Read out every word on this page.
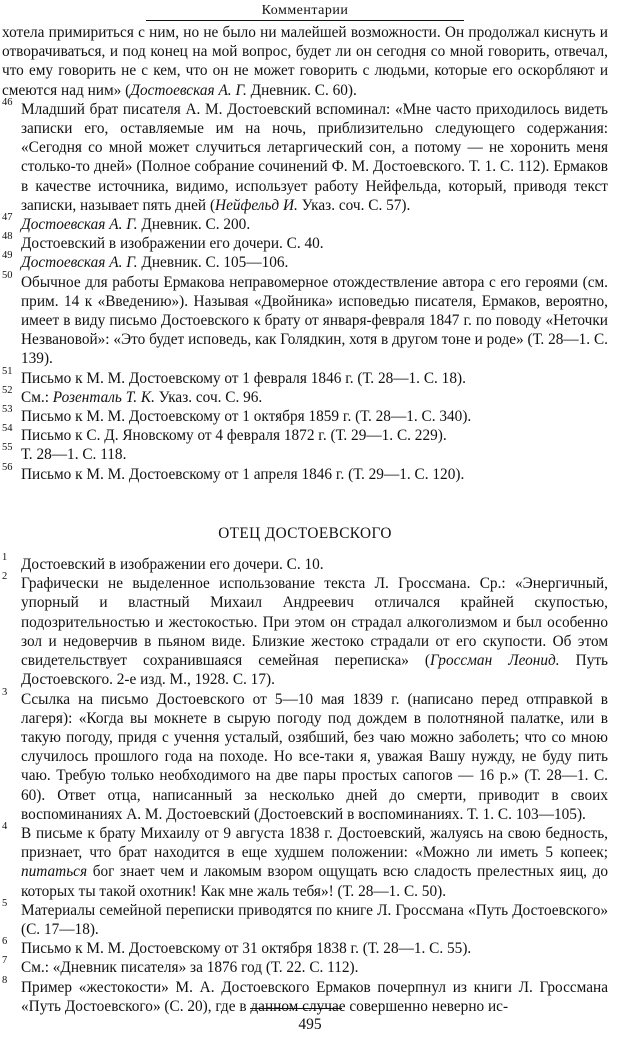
Комментарии
хотела примириться с ним, но не было ни малейшей возможности. Он продолжал киснуть и отворачиваться, и под конец на мой вопрос, будет ли он сегодня со мной говорить, отвечал, что ему говорить не с кем, что он не может говорить с людьми, которые его оскорбляют и смеются над ним» (Достоевская А. Г. Дневник. С. 60).
46 Младший брат писателя А. М. Достоевский вспоминал: «Мне часто приходилось видеть записки его, оставляемые им на ночь, приблизительно следующего содержания: «Сегодня со мной может случиться летаргический сон, а потому — не хоронить меня столько-то дней» (Полное собрание сочинений Ф. М. Достоевского. Т. 1. С. 112). Ермаков в качестве источника, видимо, использует работу Нейфельда, который, приводя текст записки, называет пять дней (Нейфельд И. Указ. соч. С. 57).
47 Достоевская А. Г. Дневник. С. 200.
48 Достоевский в изображении его дочери. С. 40.
49 Достоевская А. Г. Дневник. С. 105—106.
50 Обычное для работы Ермакова неправомерное отождествление автора с его героями (см. прим. 14 к «Введению»). Называя «Двойника» исповедью писателя, Ермаков, вероятно, имеет в виду письмо Достоевского к брату от января-февраля 1847 г. по поводу «Неточки Незвановой»: «Это будет исповедь, как Голядкин, хотя в другом тоне и роде» (Т. 28—1. С. 139).
51 Письмо к М. М. Достоевскому от 1 февраля 1846 г. (Т. 28—1. С. 18).
52 См.: Розенталь Т. К. Указ. соч. С. 96.
53 Письмо к М. М. Достоевскому от 1 октября 1859 г. (Т. 28—1. С. 340).
54 Письмо к С. Д. Яновскому от 4 февраля 1872 г. (Т. 29—1. С. 229).
55 Т. 28—1. С. 118.
56 Письмо к М. М. Достоевскому от 1 апреля 1846 г. (Т. 29—1. С. 120).
ОТЕЦ ДОСТОЕВСКОГО
1 Достоевский в изображении его дочери. С. 10.
2 Графически не выделенное использование текста Л. Гроссмана. Ср.: «Энергичный, упорный и властный Михаил Андреевич отличался крайней скупостью, подозрительностью и жестокостью. При этом он страдал алкоголизмом и был особенно зол и недоверчив в пьяном виде. Близкие жестоко страдали от его скупости. Об этом свидетельствует сохранившаяся семейная переписка» (Гроссман Леонид. Путь Достоевского. 2-е изд. М., 1928. С. 17).
3 Ссылка на письмо Достоевского от 5—10 мая 1839 г. (написано перед отправкой в лагеря): «Когда вы мокнете в сырую погоду под дождем в полотняной палатке, или в такую погоду, придя с учення усталый, озябший, без чаю можно заболеть; что со мною случилось прошлого года на походе. Но все-таки я, уважая Вашу нужду, не буду пить чаю. Требую только необходимого на две пары простых сапогов — 16 р.» (Т. 28—1. С. 60). Ответ отца, написанный за несколько дней до смерти, приводит в своих воспоминаниях А. М. Достоевский (Достоевский в воспоминаниях. Т. 1. С. 103—105).
4 В письме к брату Михаилу от 9 августа 1838 г. Достоевский, жалуясь на свою бедность, признает, что брат находится в еще худшем положении: «Можно ли иметь 5 копеек; питаться бог знает чем и лакомым взором ощущать всю сладость прелестных яиц, до которых ты такой охотник! Как мне жаль тебя»! (Т. 28—1. С. 50).
5 Материалы семейной переписки приводятся по книге Л. Гроссмана «Путь Достоевского» (С. 17—18).
6 Письмо к М. М. Достоевскому от 31 октября 1838 г. (Т. 28—1. С. 55).
7 См.: «Дневник писателя» за 1876 год (Т. 22. С. 112).
8 Пример «жестокости» М. А. Достоевского Ермаков почерпнул из книги Л. Гроссмана «Путь Достоевского» (С. 20), где в данном случае совершенно неверно ис-
495
